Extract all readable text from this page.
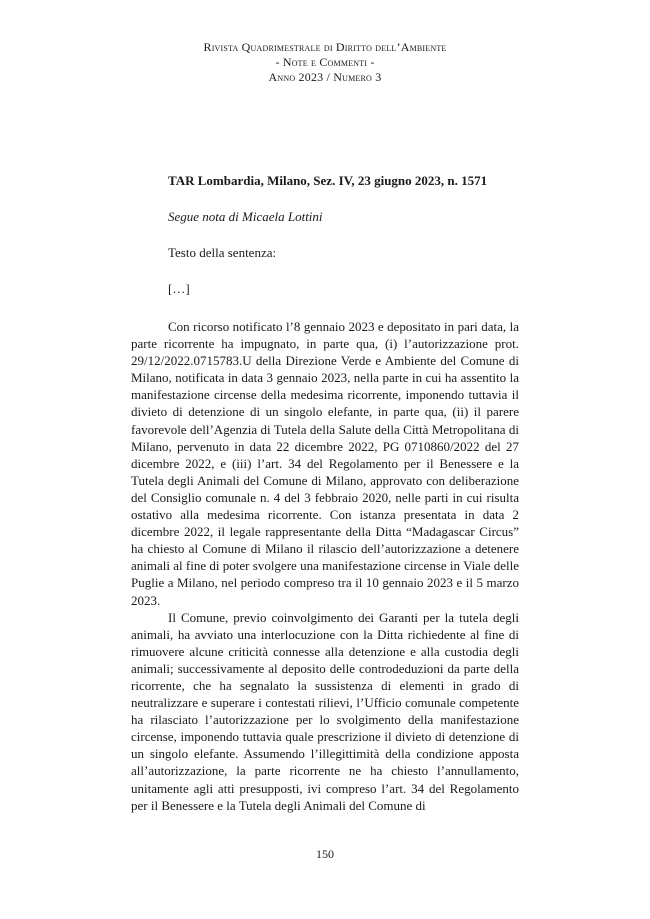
Rivista Quadrimestrale di Diritto dell’Ambiente
- Note e Commenti -
Anno 2023 / Numero 3
TAR Lombardia, Milano, Sez. IV, 23 giugno 2023, n. 1571
Segue nota di Micaela Lottini
Testo della sentenza:
[…]

Con ricorso notificato l’8 gennaio 2023 e depositato in pari data, la parte ricorrente ha impugnato, in parte qua, (i) l’autorizzazione prot. 29/12/2022.0715783.U della Direzione Verde e Ambiente del Comune di Milano, notificata in data 3 gennaio 2023, nella parte in cui ha assentito la manifestazione circense della medesima ricorrente, imponendo tuttavia il divieto di detenzione di un singolo elefante, in parte qua, (ii) il parere favorevole dell’Agenzia di Tutela della Salute della Città Metropolitana di Milano, pervenuto in data 22 dicembre 2022, PG 0710860/2022 del 27 dicembre 2022, e (iii) l’art. 34 del Regolamento per il Benessere e la Tutela degli Animali del Comune di Milano, approvato con deliberazione del Consiglio comunale n. 4 del 3 febbraio 2020, nelle parti in cui risulta ostativo alla medesima ricorrente. Con istanza presentata in data 2 dicembre 2022, il legale rappresentante della Ditta “Madagascar Circus” ha chiesto al Comune di Milano il rilascio dell’autorizzazione a detenere animali al fine di poter svolgere una manifestazione circense in Viale delle Puglie a Milano, nel periodo compreso tra il 10 gennaio 2023 e il 5 marzo 2023.

Il Comune, previo coinvolgimento dei Garanti per la tutela degli animali, ha avviato una interlocuzione con la Ditta richiedente al fine di rimuovere alcune criticità connesse alla detenzione e alla custodia degli animali; successivamente al deposito delle controdeduzioni da parte della ricorrente, che ha segnalato la sussistenza di elementi in grado di neutralizzare e superare i contestati rilievi, l’Ufficio comunale competente ha rilasciato l’autorizzazione per lo svolgimento della manifestazione circense, imponendo tuttavia quale prescrizione il divieto di detenzione di un singolo elefante. Assumendo l’illegittimità della condizione apposta all’autorizzazione, la parte ricorrente ne ha chiesto l’annullamento, unitamente agli atti presupposti, ivi compreso l’art. 34 del Regolamento per il Benessere e la Tutela degli Animali del Comune di

150
